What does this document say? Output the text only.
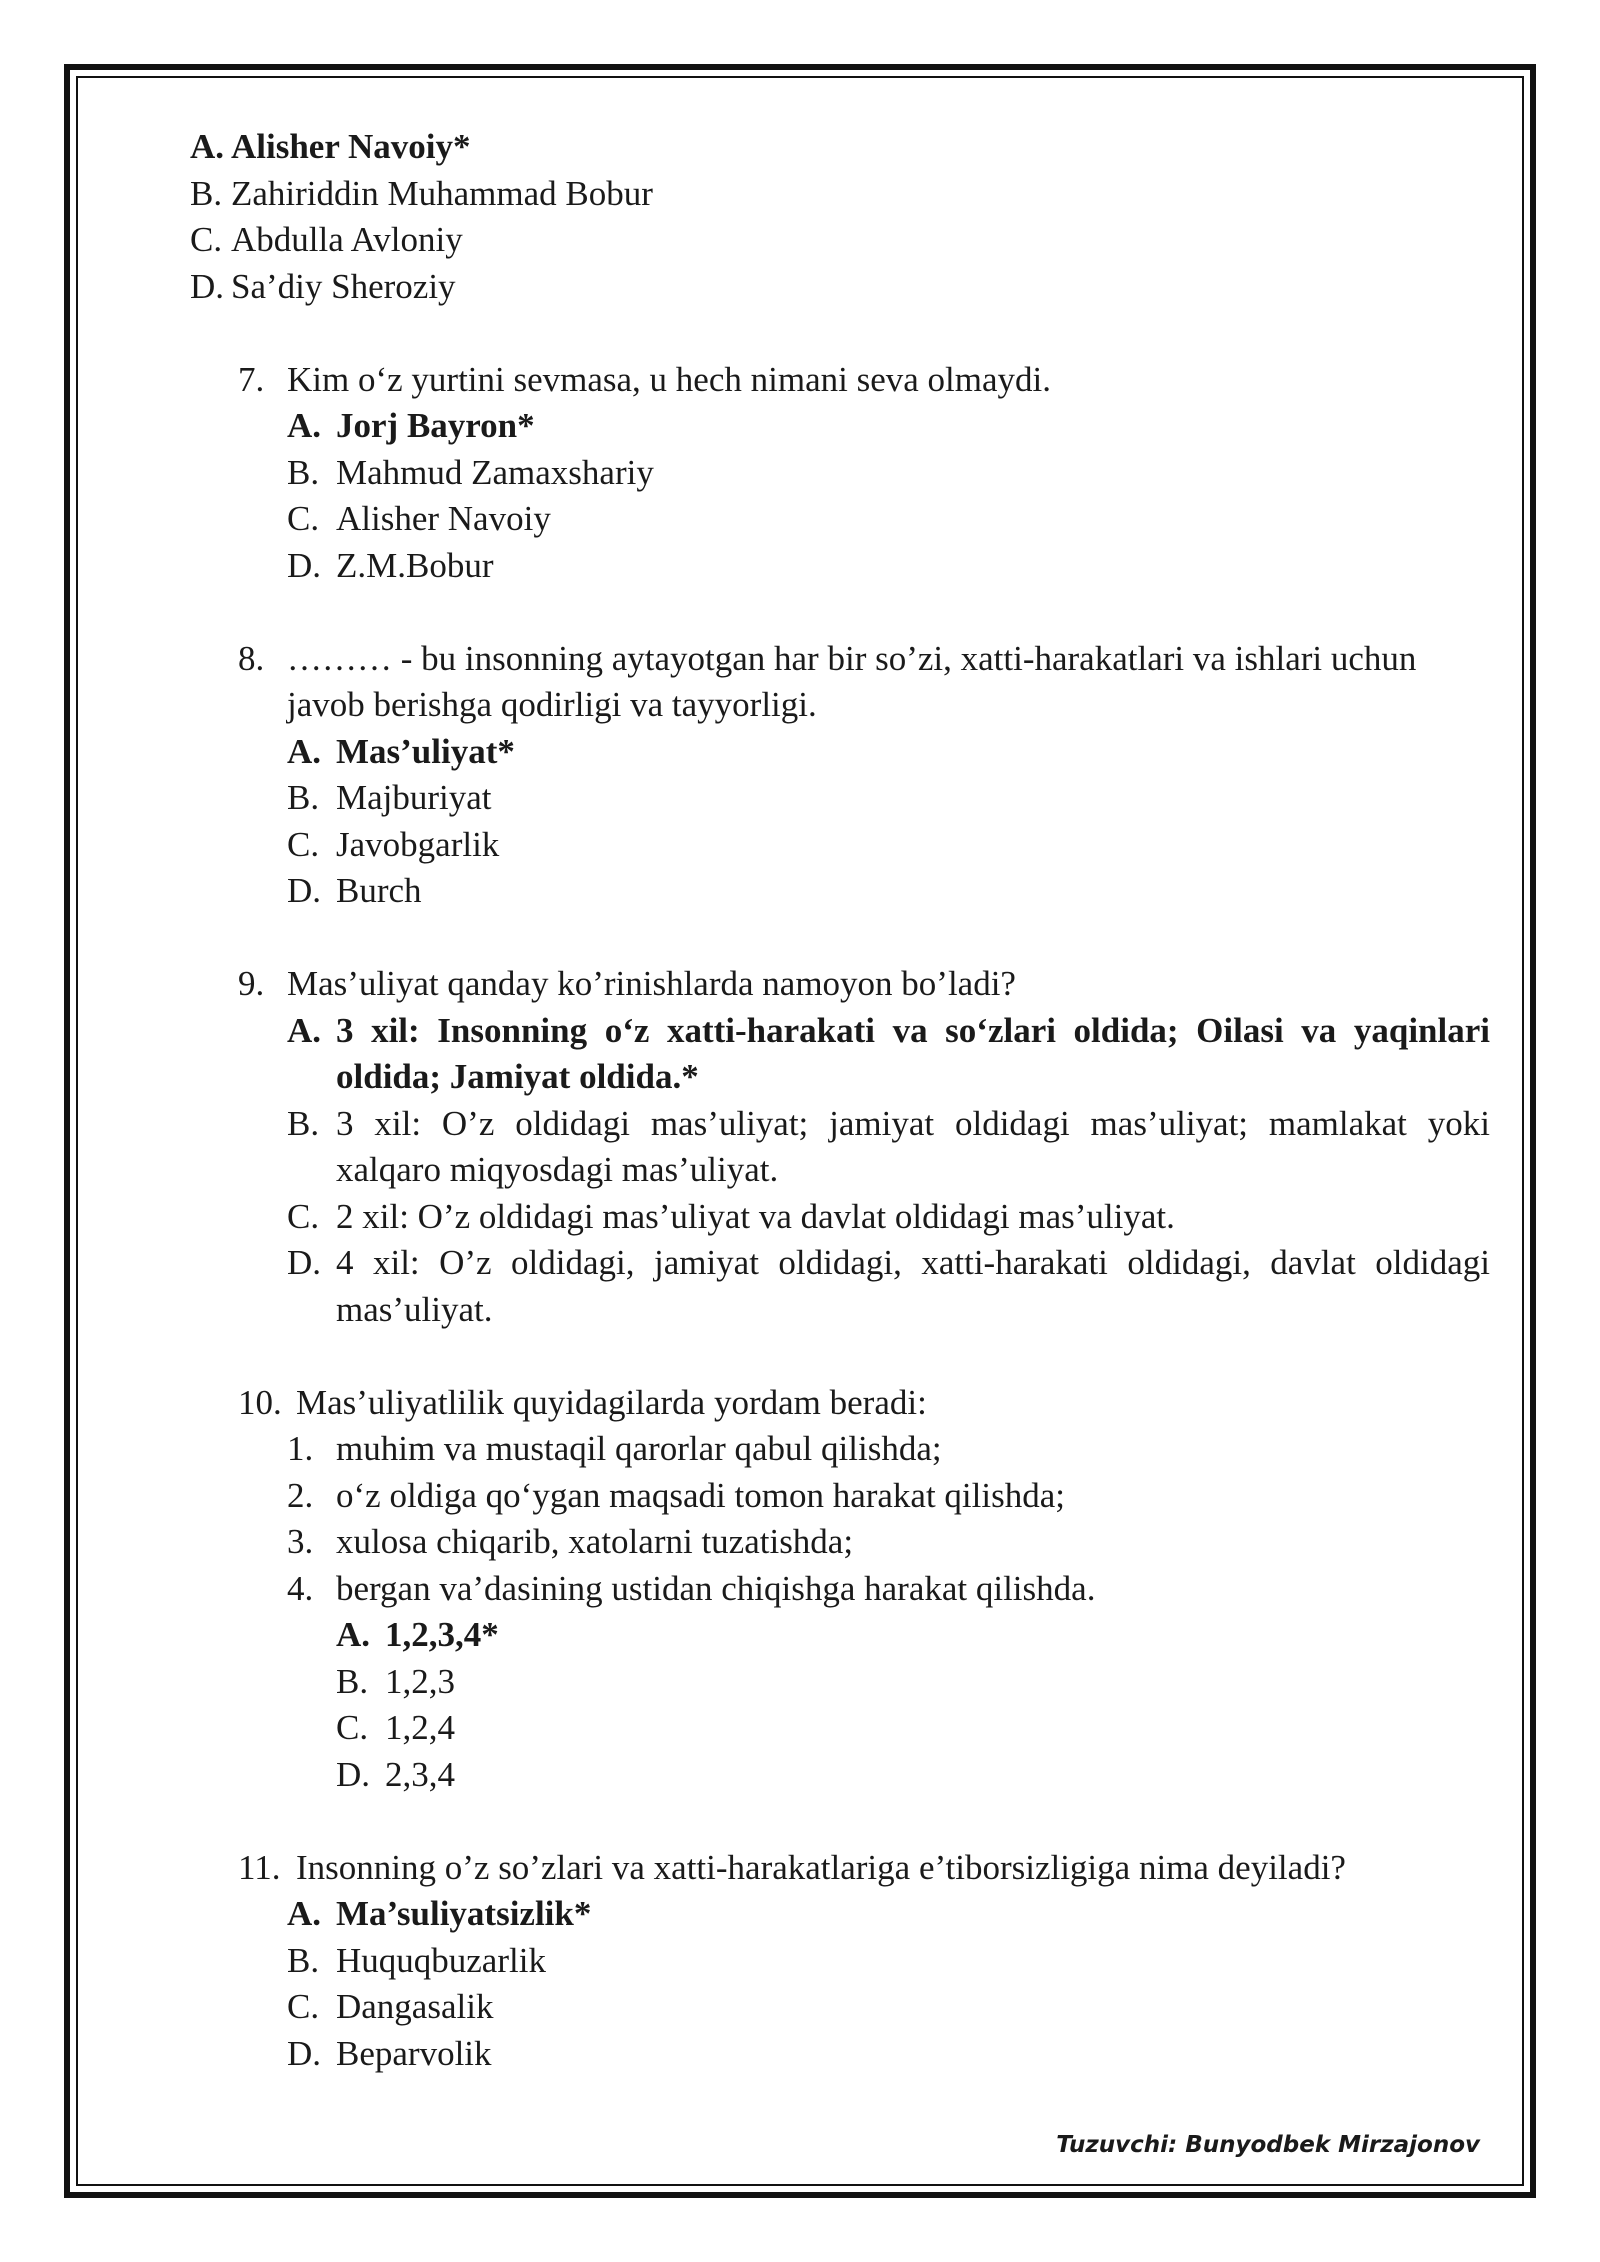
A. Alisher Navoiy*
B. Zahiriddin Muhammad Bobur
C. Abdulla Avloniy
D. Sa’diy Sheroziy
7. Kim o‘z yurtini sevmasa, u hech nimani seva olmaydi.
A. Jorj Bayron*
B. Mahmud Zamaxshariy
C. Alisher Navoiy
D. Z.M.Bobur
8. ……… - bu insonning aytayotgan har bir so’zi, xatti-harakatlari va ishlari uchun javob berishga qodirligi va tayyorligi.
A. Mas’uliyat*
B. Majburiyat
C. Javobgarlik
D. Burch
9. Mas’uliyat qanday ko’rinishlarda namoyon bo’ladi?
A. 3 xil: Insonning o‘z xatti-harakati va so‘zlari oldida; Oilasi va yaqinlari oldida; Jamiyat oldida.*
B. 3 xil: O’z oldidagi mas’uliyat; jamiyat oldidagi mas’uliyat; mamlakat yoki xalqaro miqyosdagi mas’uliyat.
C. 2 xil: O’z oldidagi mas’uliyat va davlat oldidagi mas’uliyat.
D. 4 xil: O’z oldidagi, jamiyat oldidagi, xatti-harakati oldidagi, davlat oldidagi mas’uliyat.
10. Mas’uliyatlilik quyidagilarda yordam beradi:
1. muhim va mustaqil qarorlar qabul qilishda;
2. o‘z oldiga qo‘ygan maqsadi tomon harakat qilishda;
3. xulosa chiqarib, xatolarni tuzatishda;
4. bergan va’dasining ustidan chiqishga harakat qilishda.
A. 1,2,3,4*
B. 1,2,3
C. 1,2,4
D. 2,3,4
11. Insonning o’z so’zlari va xatti-harakatlariga e’tiborsizligiga nima deyiladi?
A. Ma’suliyatsizlik*
B. Huquqbuzarlik
C. Dangasalik
D. Beparvolik
Tuzuvchi: Bunyodbek Mirzajonov
